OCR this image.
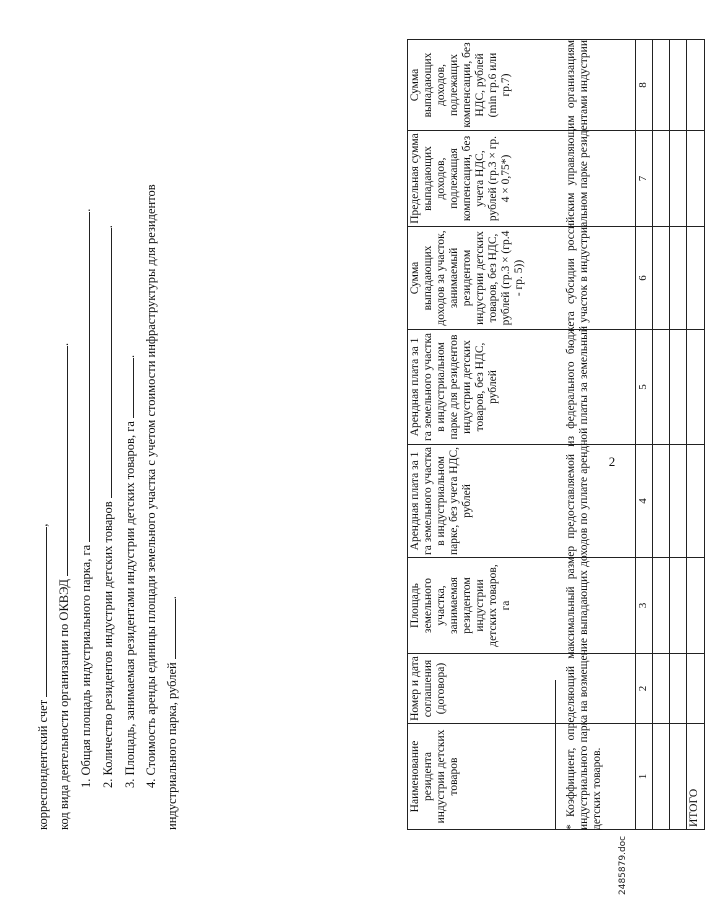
2
корреспондентский счет ,
код вида деятельности организации по ОКВЭД .
1. Общая площадь индустриального парка, га .
2. Количество резидентов индустрии детских товаров .
3. Площадь, занимаемая резидентами индустрии детских товаров, га . 4. Стоимость аренды единицы площади земельного участка с учетом стоимости инфраструктуры для резидентов индустриального парка, рублей .
Наименование резидента индустрии детских товаров	Номер и дата соглашения (договора)	Площадь земельного участка, занимаемая резидентом индустрии детских товаров, га	Арендная плата за 1 га земельного участка в индустриальном парке, без учета НДС, рублей	Арендная плата за 1 га земельного участка в индустриальном парке для резидентов индустрии детских товаров, без НДС, рублей	Сумма выпадающих доходов за участок, занимаемый резидентом индустрии детских товаров, без НДС, рублей (гр.3 × (гр.4 - гр. 5))	Предельная сумма выпадающих доходов, подлежащая компенсации, без учета НДС, рублей (гр.3 × гр. 4 × 0,75*)	Сумма выпадающих доходов, подлежащих компенсации, без НДС, рублей (min гр.6 или гр.7)
1	2	3	4	5	6	7	8

ИТОГО							
* Коэффициент, определяющий максимальный размер предоставляемой из федерального бюджета субсидии российским управляющим организациям индустриального парка на возмещение выпадающих доходов по уплате арендной платы за земельный участок в индустриальном парке резидентами индустрии детских товаров.
2485879.doc
